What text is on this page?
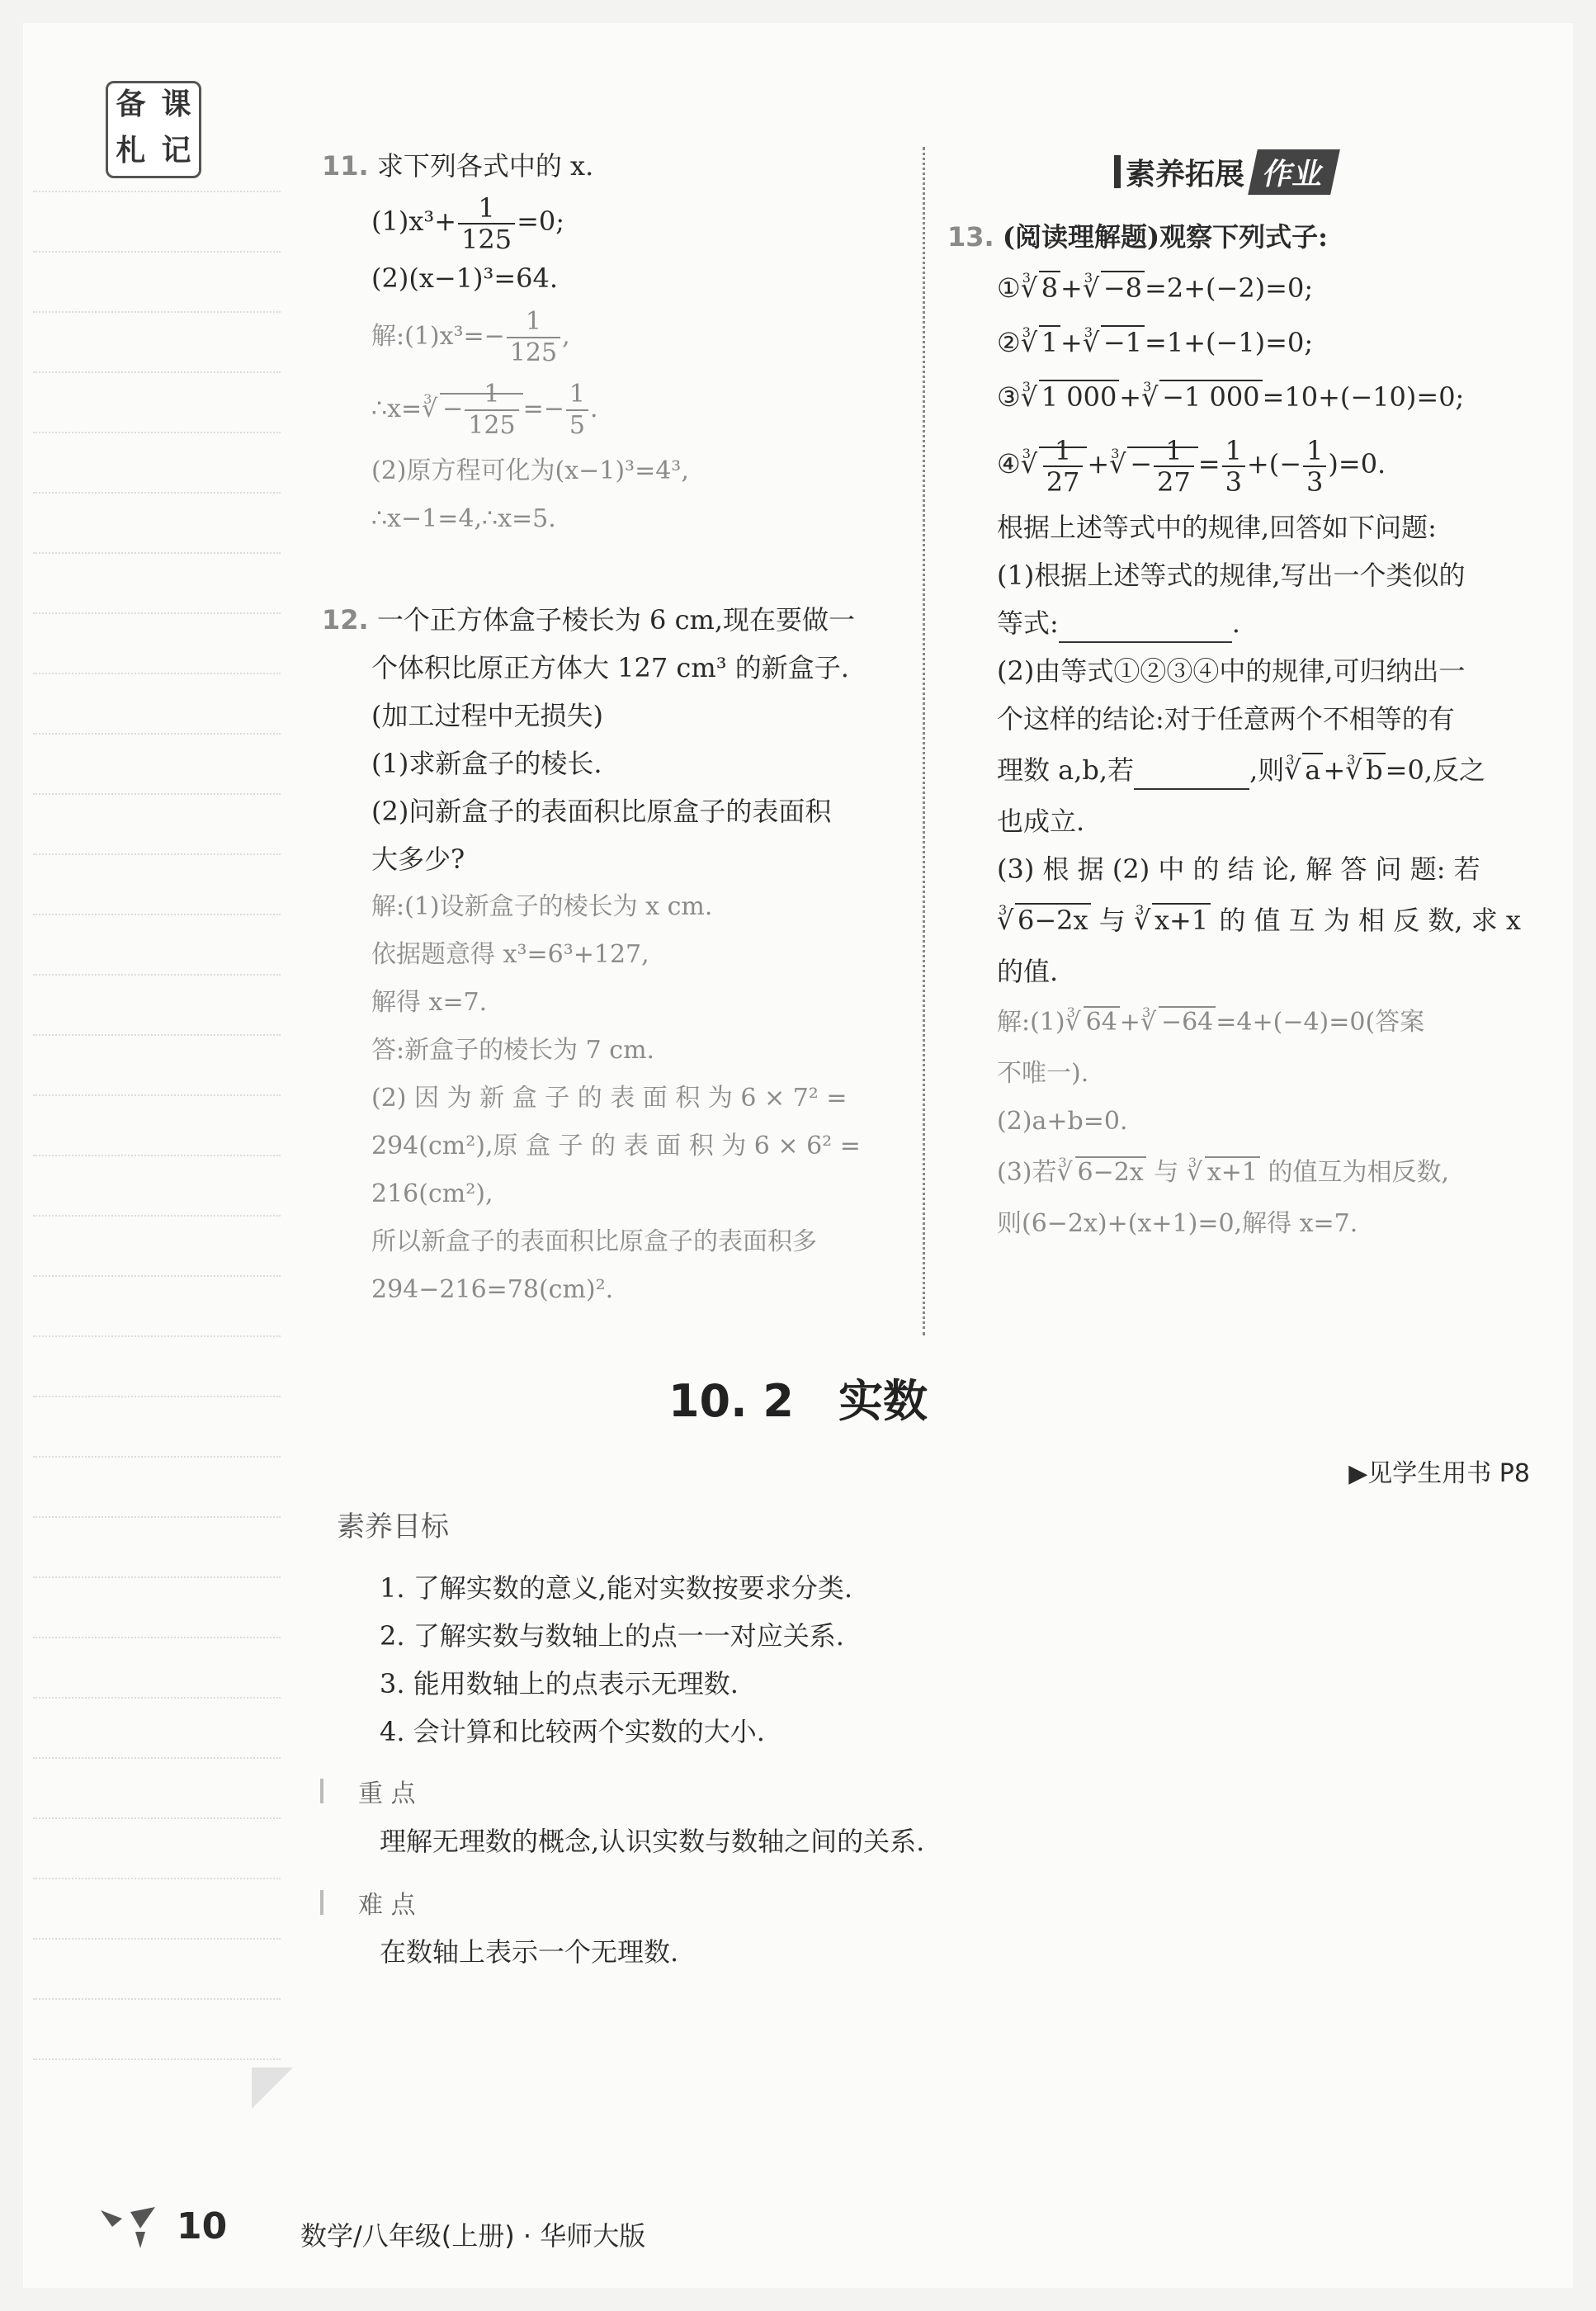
备 课
札 记	11. 求下列各式中的 x.
$(1)x^3+ \frac{1}{125} =0$;
(2)(x−1)³=64.
解:(1)x³=− $\frac{1}{125}$ ,
∴x= √ $3 - \frac{1}{125} =- \frac{1}{5}$ .
(2)原方程可化为(x−1)³=4³,
∴x−1=4,∴x=5.
12. 一个正方体盒子棱长为 6 cm,现在要做一
个体积比原正方体大 127 cm³ 的新盒子.
(加工过程中无损失)
(1)求新盒子的棱长.
(2)问新盒子的表面积比原盒子的表面积
大多少?
解:(1)设新盒子的棱长为 x cm.
依据题意得 x³=6³+127,
解得 x=7.
答:新盒子的棱长为 7 cm.
(2) 因 为 新 盒 子 的 表 面 积 为 6 × 7² =
294(cm²),原 盒 子 的 表 面 积 为 6 × 6² =
216(cm²),
所以新盒子的表面积比原盒子的表面积多
294−216=78(cm)².
素养拓展 作业
13. (阅读理解题)观察下列式子:
① √ 3 8+ √ 3 −8=2+(−2)=0;
② √ 3 1+ √ 3 −1=1+(−1)=0;
③ √ 3 1 000+ √ 3 −1 000=10+(−10)=0;
④ √ $3 \frac{1}{27}$ + √ $3 - \frac{1}{27} = \frac{1}{3}$ +(− $\frac{1}{3} )=0$.
根据上述等式中的规律,回答如下问题:
(1)根据上述等式的规律,写出一个类似的
等式:	.
(2)由等式①②③④中的规律,可归纳出一
个这样的结论:对于任意两个不相等的有
理数 a,b,若	,则 √ 3 a+ √ 3 b=0,反之
也成立.
(3) 根 据 (2) 中 的 结 论, 解 答 问 题: 若
√ 3 6−2x 与 √ 3 x+1 的 值 互 为 相 反 数, 求 x
的值.
解:(1) √ 3 64 + √ 3 −64 =4+(−4)=0(答案
不唯一).
(2)a+b=0.
(3)若 √ 3 6−2x 与 √ 3 x+1 的值互为相反数,
则(6−2x)+(x+1)=0,解得 x=7.
10. 2　实数
▶见学生用书 P8
素养目标
1. 了解实数的意义,能对实数按要求分类.
2. 了解实数与数轴上的点一一对应关系.
3. 能用数轴上的点表示无理数.
4. 会计算和比较两个实数的大小.
重 点
理解无理数的概念,认识实数与数轴之间的关系.
难 点
在数轴上表示一个无理数.
10	数学/八年级(上册) · 华师大版
